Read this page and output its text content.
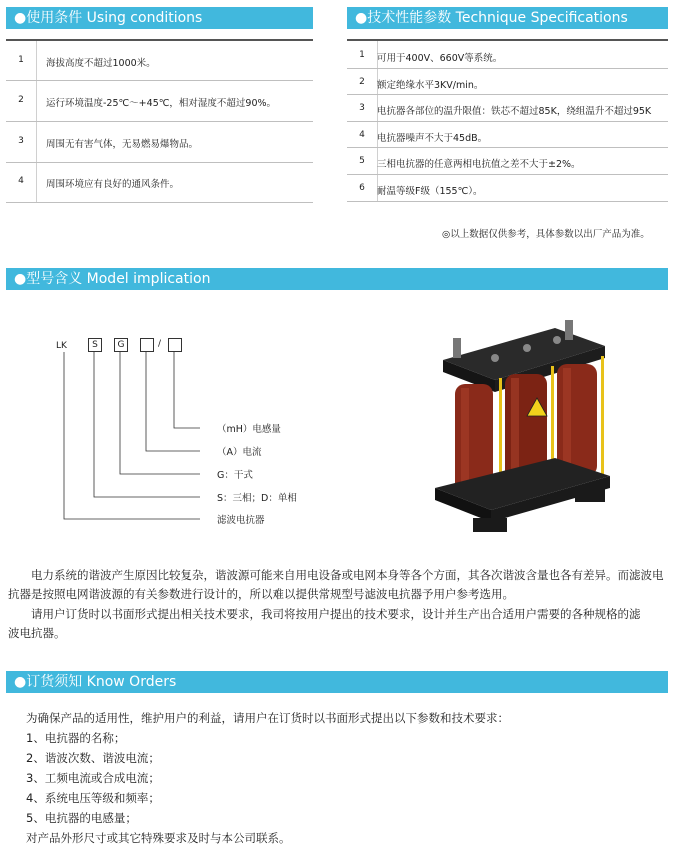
●使用条件 Using conditions	●技术性能参数 Technique Specifications
●型号含义 Model implication
●订货须知 Know Orders
1	海拔高度不超过1000米。
2	运行环境温度-25℃～+45℃，相对湿度不超过90%。
3	周围无有害气体，无易燃易爆物品。
4	周围环境应有良好的通风条件。
1	可用于400V、660V等系统。
2	额定绝缘水平3KV/min。
3	电抗器各部位的温升限值：铁芯不超过85K，绕组温升不超过95K
4	电抗器噪声不大于45dB。
5	三相电抗器的任意两相电抗值之差不大于±2%。
6	耐温等级F级（155℃）。
◎以上数据仅供参考，具体参数以出厂产品为准。
LK	S	G	/
（mH）电感量
（A）电流
G：干式
S：三相；D：单相
滤波电抗器
电力系统的谐波产生原因比较复杂，谐波源可能来自用电设备或电网本身等各个方面，其各次谐波含量也各有差异。而滤波电抗器是按照电网谐波源的有关参数进行设计的，所以难以提供常规型号滤波电抗器予用户参考选用。
请用户订货时以书面形式提出相关技术要求，我司将按用户提出的技术要求，设计并生产出合适用户需要的各种规格的滤波电抗器。
为确保产品的适用性，维护用户的利益，请用户在订货时以书面形式提出以下参数和技术要求：
1、电抗器的名称；
2、谐波次数、谐波电流；
3、工频电流或合成电流；
4、系统电压等级和频率；
5、电抗器的电感量；
对产品外形尺寸或其它特殊要求及时与本公司联系。
